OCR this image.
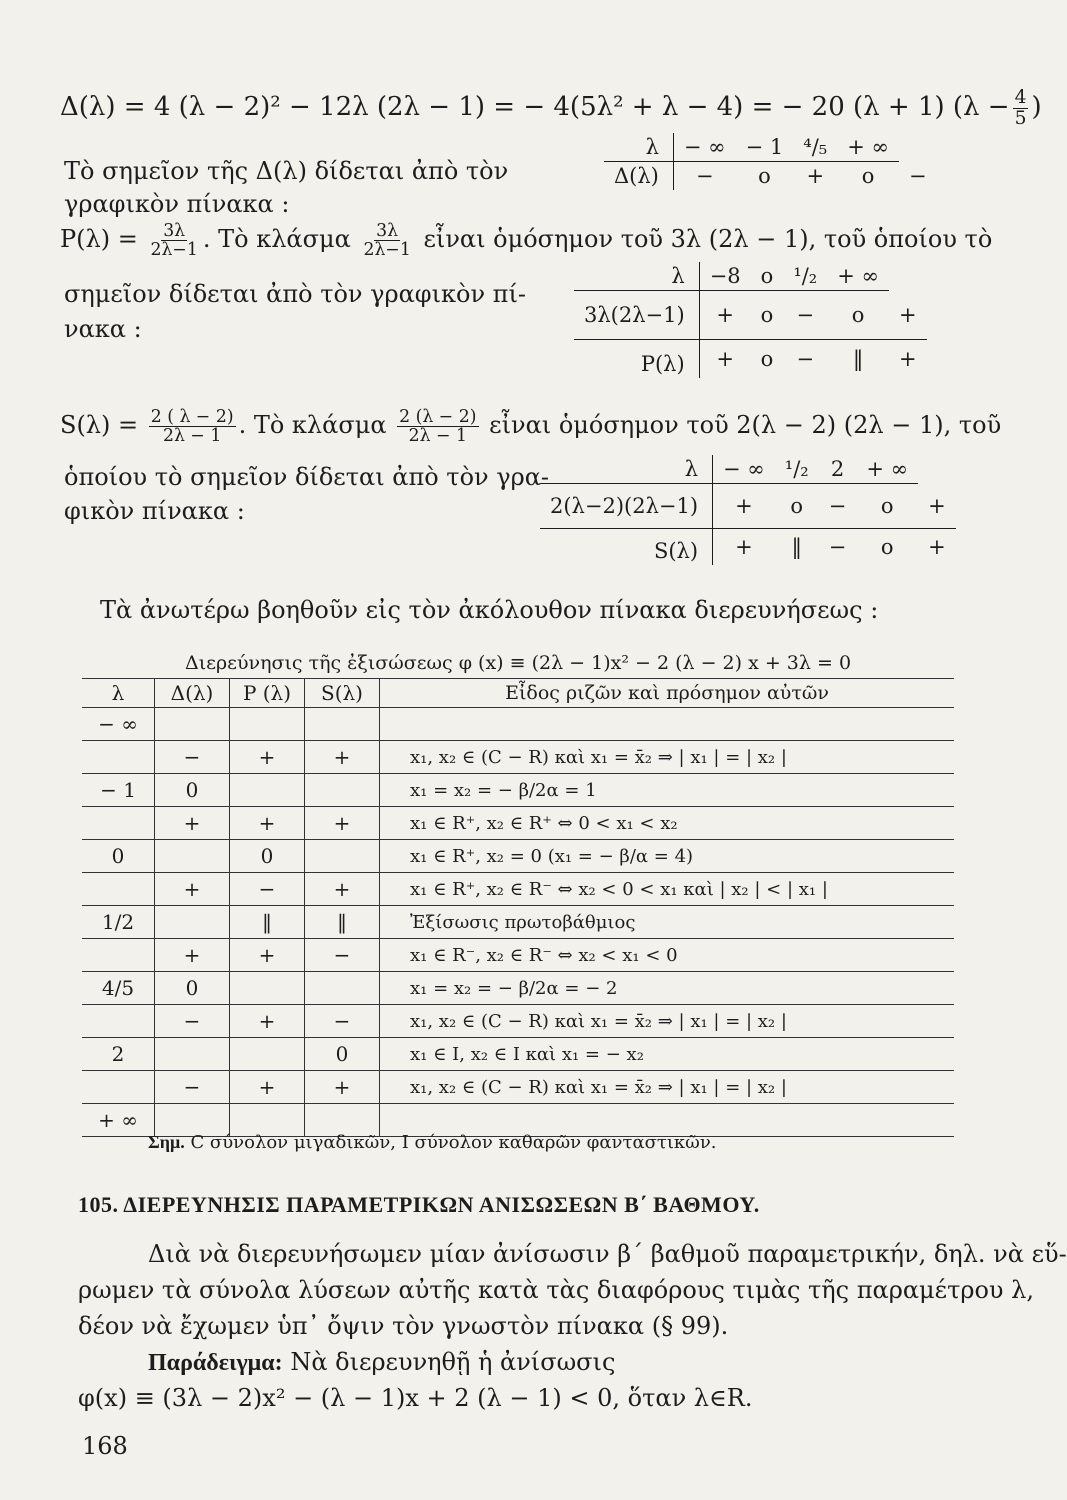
Δ(λ) = 4 (λ − 2)² − 12λ (2λ − 1) = − 4(5λ² + λ − 4) = − 20 (λ + 1) ($\lambda - \frac{4}{5}$ )
Τὸ σημεῖον τῆς Δ(λ) δίδεται ἀπὸ τὸν
γραφικὸν πίνακα :
λ	− ∞	− 1	⁴/₅	+ ∞	
Δ(λ)	−	o	+	o	−
$P(\lambda) = \frac{3\lambda}{2\lambda-1}$ . Τὸ κλάσμα $\frac{3\lambda}{2\lambda-1}$ εἶναι ὁμόσημον τοῦ 3λ (2λ − 1), τοῦ ὁποίου τὸ
σημεῖον δίδεται ἀπὸ τὸν γραφικὸν πί-
νακα :
λ	−8	o	¹/₂	+ ∞	
3λ(2λ−1)	+	o	−	o	+
P(λ)	+	o	−	‖	+
$S(\lambda) = \frac{2 ( \lambda - 2)}{2\lambda - 1}$ . Τὸ κλάσμα $\frac{2 (\lambda - 2)}{2\lambda - 1}$ εἶναι ὁμόσημον τοῦ 2(λ − 2) (2λ − 1), τοῦ
ὁποίου τὸ σημεῖον δίδεται ἀπὸ τὸν γρα-
φικὸν πίνακα :
λ	− ∞	¹/₂	2	+ ∞	
2(λ−2)(2λ−1)	+	o	−	o	+
S(λ)	+	‖	−	o	+
Τὰ ἀνωτέρω βοηθοῦν εἰς τὸν ἀκόλουθον πίνακα διερευνήσεως :
Διερεύνησις τῆς ἐξισώσεως φ (x) ≡ (2λ − 1)x² − 2 (λ − 2) x + 3λ = 0				
λ	Δ(λ)	P (λ)	S(λ)	Εἶδος ριζῶν καὶ πρόσημον αὐτῶν
− ∞				
	−	+	+	x₁, x₂ ∈ (C − R) καὶ x₁ = x̄₂ ⇒ | x₁ | = | x₂ |
− 1	0			x₁ = x₂ = − β/2α = 1
	+	+	+	x₁ ∈ R⁺, x₂ ∈ R⁺ ⇔ 0 < x₁ < x₂
0		0		x₁ ∈ R⁺, x₂ = 0 (x₁ = − β/α = 4)
	+	−	+	x₁ ∈ R⁺, x₂ ∈ R⁻ ⇔ x₂ < 0 < x₁ καὶ | x₂ | < | x₁ |
1/2		‖	‖	Ἐξίσωσις πρωτοβάθμιος
	+	+	−	x₁ ∈ R⁻, x₂ ∈ R⁻ ⇔ x₂ < x₁ < 0
4/5	0			x₁ = x₂ = − β/2α = − 2
	−	+	−	x₁, x₂ ∈ (C − R) καὶ x₁ = x̄₂ ⇒ | x₁ | = | x₂ |
2			0	x₁ ∈ I, x₂ ∈ I καὶ x₁ = − x₂
	−	+	+	x₁, x₂ ∈ (C − R) καὶ x₁ = x̄₂ ⇒ | x₁ | = | x₂ |
+ ∞				
Σημ. C σύνολον μιγαδικῶν, I σύνολον καθαρῶν φανταστικῶν.
105. ΔΙΕΡΕΥΝΗΣΙΣ ΠΑΡΑΜΕΤΡΙΚΩΝ ΑΝΙΣΩΣΕΩΝ Β΄ ΒΑΘΜΟΥ.
Διὰ νὰ διερευνήσωμεν μίαν ἀνίσωσιν β΄ βαθμοῦ παραμετρικήν, δηλ. νὰ εὕ-
ρωμεν τὰ σύνολα λύσεων αὐτῆς κατὰ τὰς διαφόρους τιμὰς τῆς παραμέτρου λ,
δέον νὰ ἔχωμεν ὑπ᾿ ὄψιν τὸν γνωστὸν πίνακα (§ 99).
Παράδειγμα: Νὰ διερευνηθῇ ἡ ἀνίσωσις
φ(x) ≡ (3λ − 2)x² − (λ − 1)x + 2 (λ − 1) < 0, ὅταν λ∈R.
168
